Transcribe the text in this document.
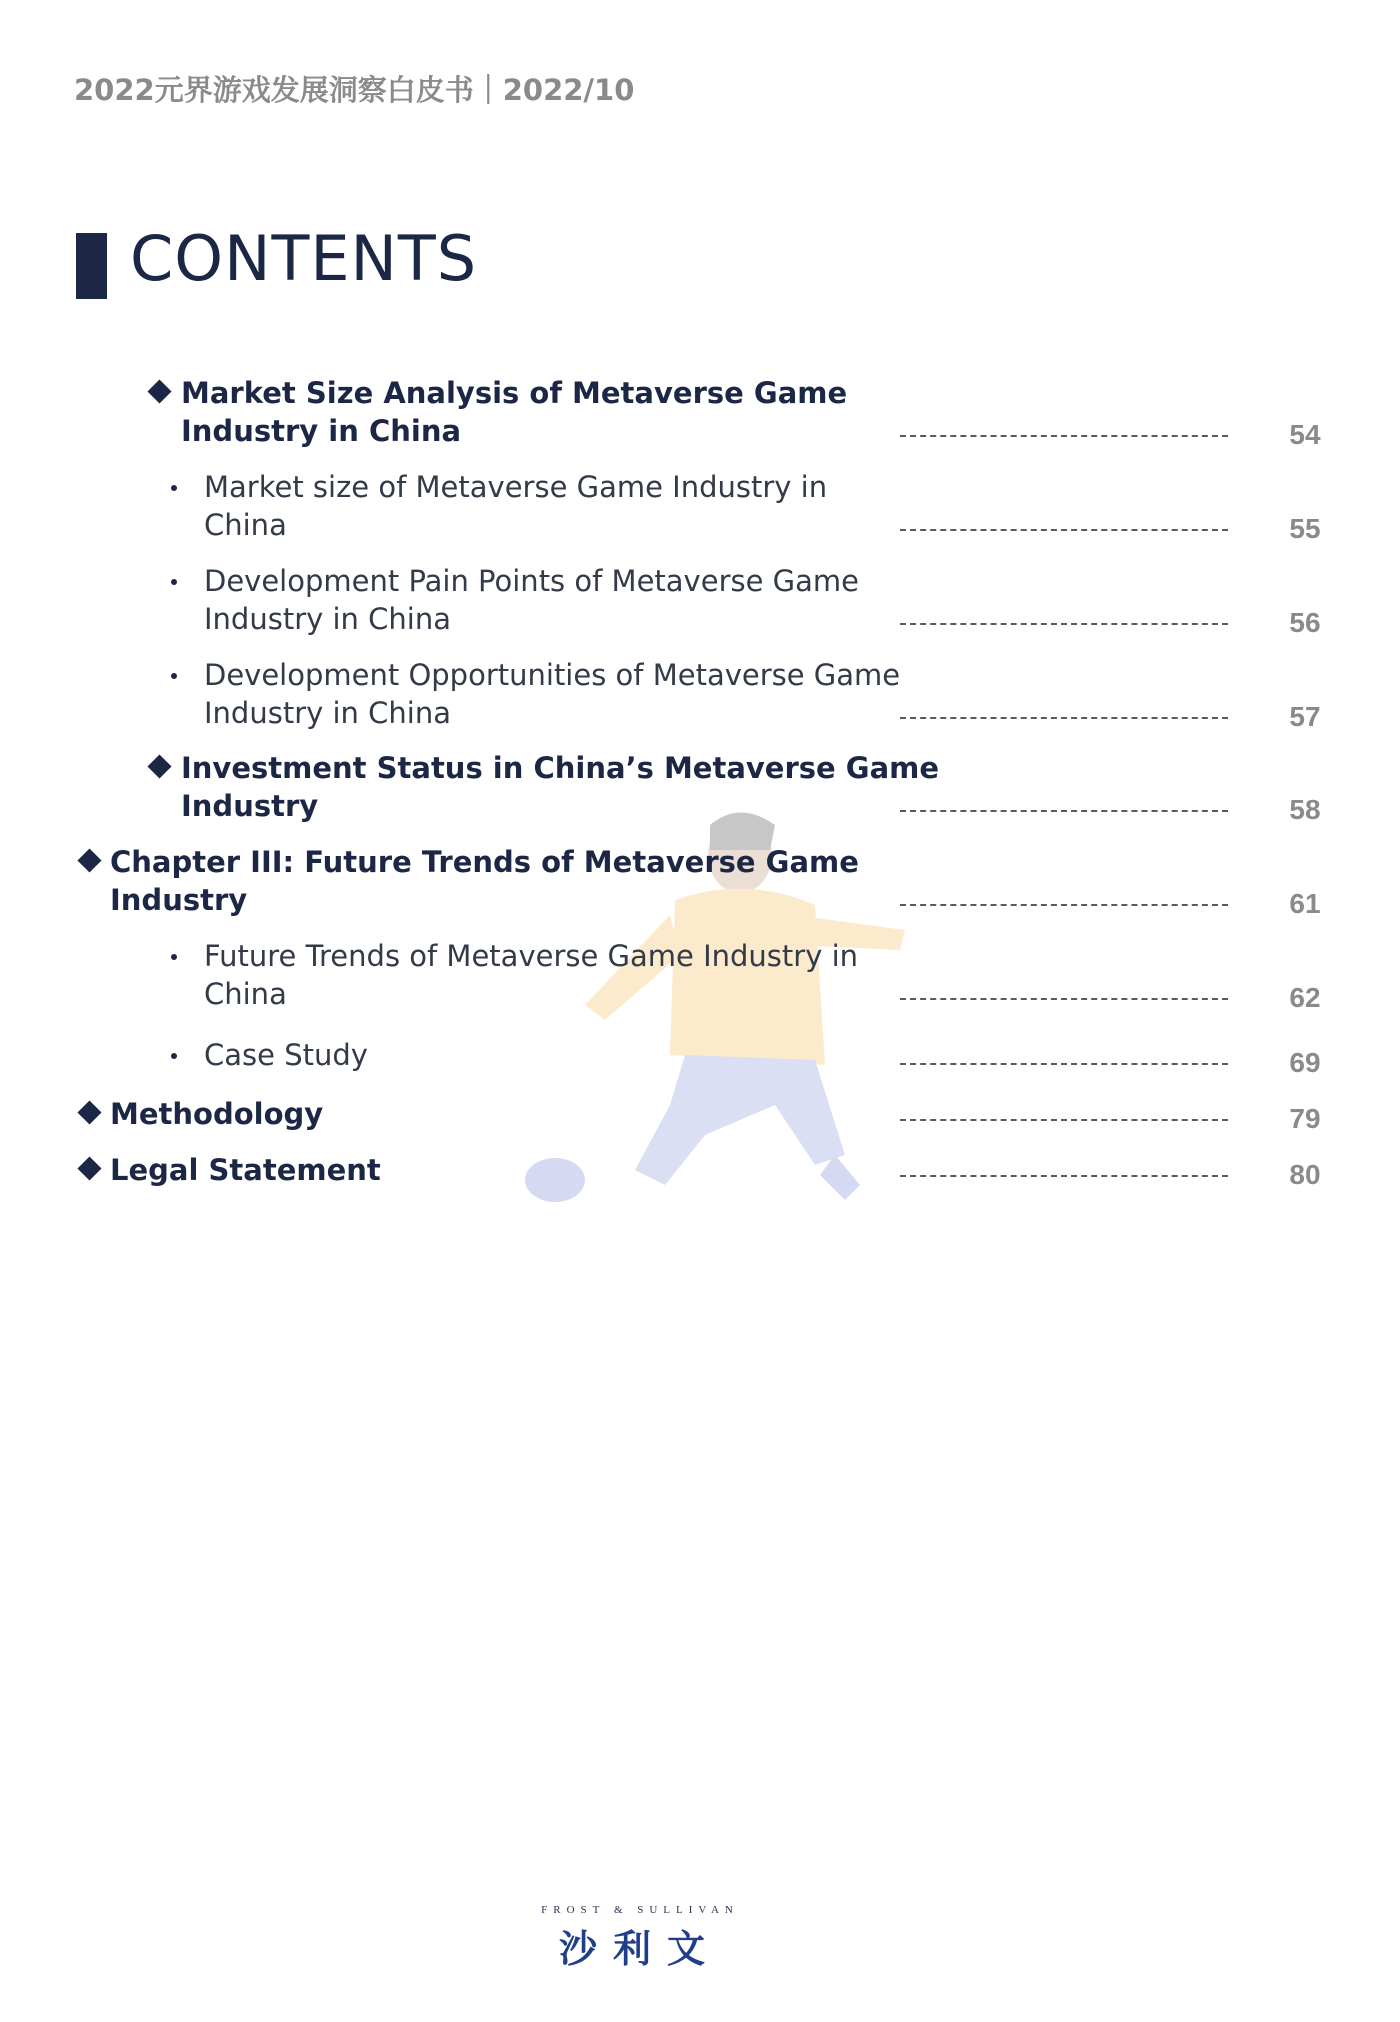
2022元界游戏发展洞察白皮书｜2022/10
CONTENTS
Market Size Analysis of Metaverse Game
Industry in China	54
Market size of Metaverse Game Industry in
China	55
Development Pain Points of Metaverse Game
Industry in China	56
Development Opportunities of Metaverse Game
Industry in China	57
Investment Status in China’s Metaverse Game
Industry	58
Chapter III: Future Trends of Metaverse Game
Industry	61
Future Trends of Metaverse Game Industry in
China	62
Case Study	69
Methodology	79
Legal Statement	80
FROST & SULLIVAN
沙利文
